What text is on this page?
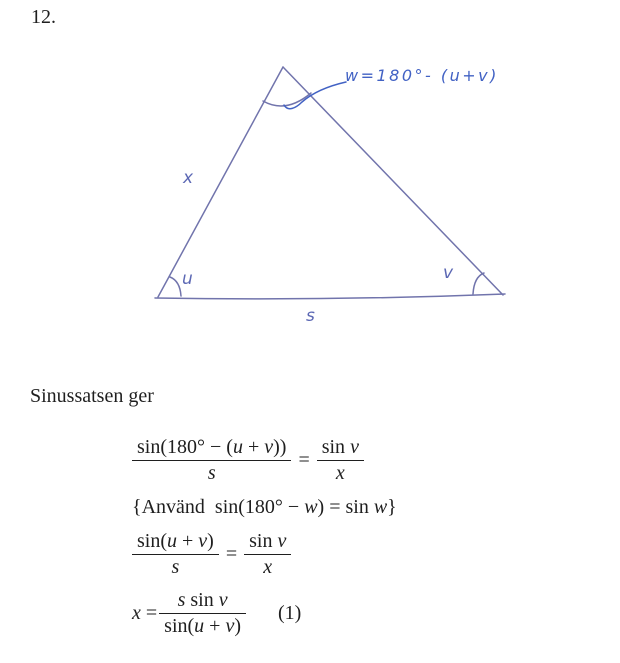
12.
x
u	v
s
w=180°- (u+v)
Sinussatsen ger
$\frac{\sin(180^\circ - (u + v))}{s} = \frac{\text{sin v}}{x}$
{Använd  sin(180° − w) = sin w}
$\frac{\sin(u + v)}{s} = \frac{\text{sin v}}{x}$
$x = \frac{\text{s sin v}}{\sin(u + v)} (1)$
